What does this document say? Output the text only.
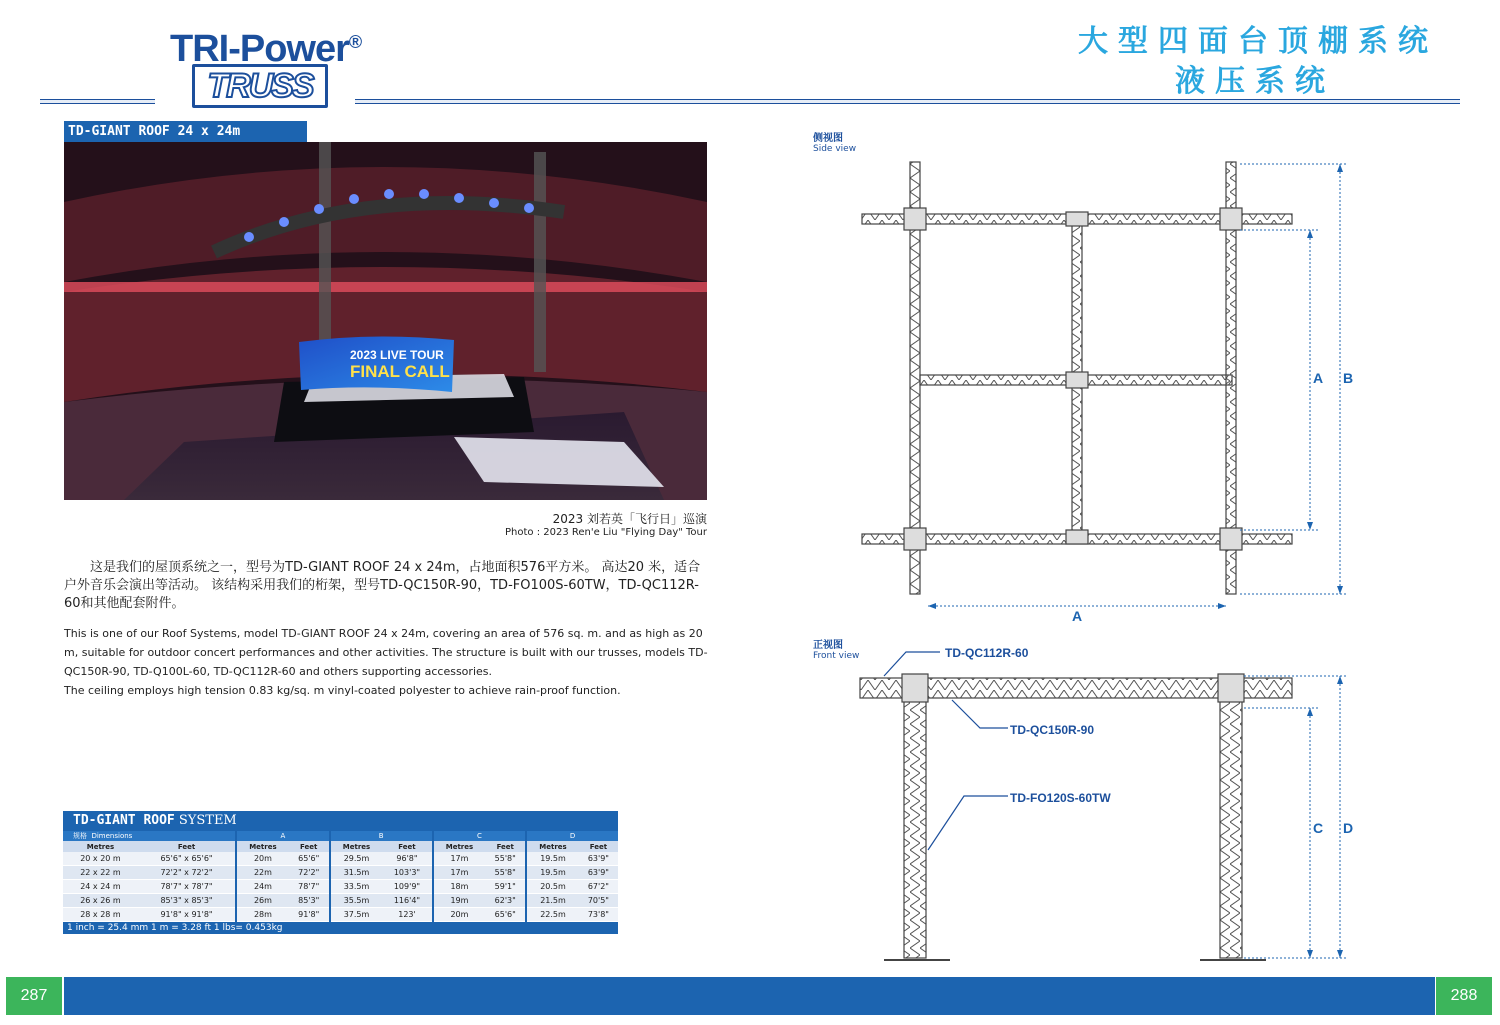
TRI-Power®
TRUSS
大型四面台顶棚系统
液压系统
TD-GIANT ROOF 24 x 24m
2023 LIVE TOUR
FINAL CALL
2023 刘若英「飞行日」巡演
Photo : 2023 Ren'e Liu "Flying Day" Tour
这是我们的屋顶系统之一，型号为TD-GIANT ROOF 24 x 24m，占地面积576平方米。 高达20 米，适合户外音乐会演出等活动。 该结构采用我们的桁架，型号TD-QC150R-90，TD-FO100S-60TW，TD-QC112R-60和其他配套附件。
This is one of our Roof Systems, model TD-GIANT ROOF 24 x 24m, covering an area of 576 sq. m. and as high as 20 m, suitable for outdoor concert performances and other activities. The structure is built with our trusses, models TD-QC150R-90, TD-Q100L-60, TD-QC112R-60 and others supporting accessories.
The ceiling employs high tension 0.83 kg/sq. m vinyl-coated polyester to achieve rain-proof function.
TD-GIANT ROOF SYSTEM
规格 Dimensions		A		B		C		D	
Metres	Feet	Metres	Feet	Metres	Feet	Metres	Feet	Metres	Feet
20 x 20 m	65'6" x 65'6"	20m	65'6"	29.5m	96'8"	17m	55'8"	19.5m	63'9"
22 x 22 m	72'2" x 72'2"	22m	72'2"	31.5m	103'3"	17m	55'8"	19.5m	63'9"
24 x 24 m	78'7" x 78'7"	24m	78'7"	33.5m	109'9"	18m	59'1"	20.5m	67'2"
26 x 26 m	85'3" x 85'3"	26m	85'3"	35.5m	116'4"	19m	62'3"	21.5m	70'5"
28 x 28 m	91'8" x 91'8"	28m	91'8"	37.5m	123'	20m	65'6"	22.5m	73'8"
1 inch = 25.4 mm 1 m = 3.28 ft 1 lbs= 0.453kg
侧视图
Side view
A
A B
正视图
Front view	TD-QC112R-60
TD-QC150R-90
TD-FO120S-60TW
C D
287	288
